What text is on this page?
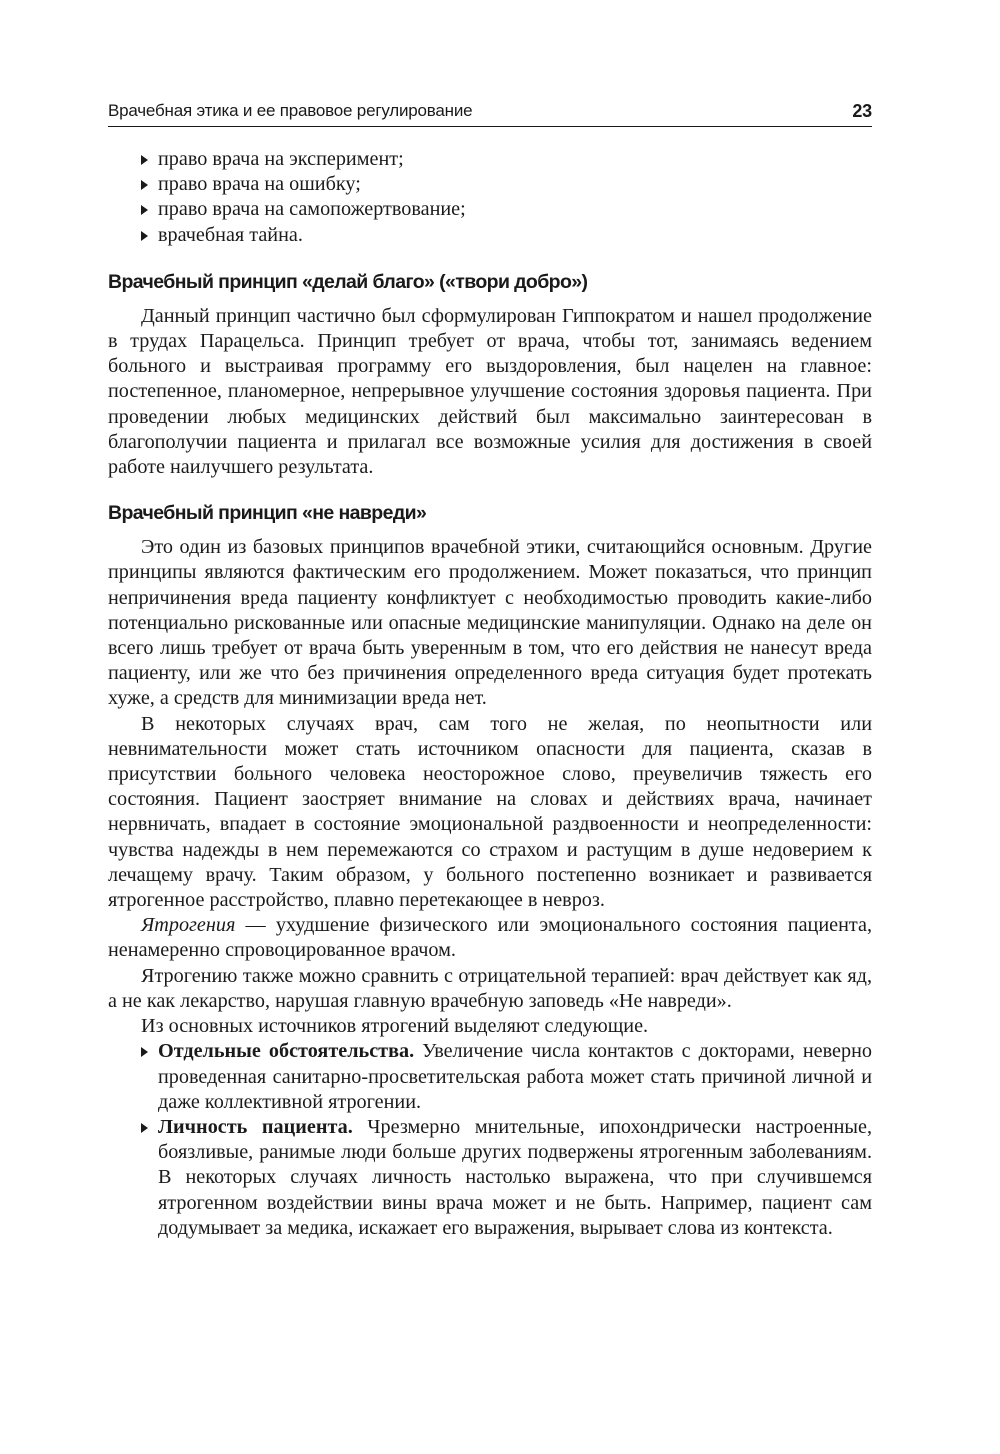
Врачебная этика и ее правовое регулирование	23
право врача на эксперимент;
право врача на ошибку;
право врача на самопожертвование;
врачебная тайна.
Врачебный принцип «делай благо» («твори добро»)

Данный принцип частично был сформулирован Гиппократом и нашел продолжение в трудах Парацельса. Принцип требует от врача, чтобы тот, занимаясь ведением больного и выстраивая программу его выздоровления, был нацелен на главное: постепенное, планомерное, непрерывное улучшение состояния здоровья пациента. При проведении любых медицинских действий был максимально заинтересован в благополучии пациента и прилагал все возможные усилия для достижения в своей работе наилучшего результата.

Врачебный принцип «не навреди»

Это один из базовых принципов врачебной этики, считающийся основным. Другие принципы являются фактическим его продолжением. Может показаться, что принцип непричинения вреда пациенту конфликтует с необходимостью проводить какие-либо потенциально рискованные или опасные медицинские манипуляции. Однако на деле он всего лишь требует от врача быть уверенным в том, что его действия не нанесут вреда пациенту, или же что без причинения определенного вреда ситуация будет протекать хуже, а средств для минимизации вреда нет.

В некоторых случаях врач, сам того не желая, по неопытности или невнимательности может стать источником опасности для пациента, сказав в присутствии больного человека неосторожное слово, преувеличив тяжесть его состояния. Пациент заостряет внимание на словах и действиях врача, начинает нервничать, впадает в состояние эмоциональной раздвоенности и неопределенности: чувства надежды в нем перемежаются со страхом и растущим в душе недоверием к лечащему врачу. Таким образом, у больного постепенно возникает и развивается ятрогенное расстройство, плавно перетекающее в невроз.

Ятрогения — ухудшение физического или эмоционального состояния пациента, ненамеренно спровоцированное врачом.

Ятрогению также можно сравнить с отрицательной терапией: врач действует как яд, а не как лекарство, нарушая главную врачебную заповедь «Не навреди».

Из основных источников ятрогений выделяют следующие.

Отдельные обстоятельства. Увеличение числа контактов с докторами, неверно проведенная санитарно-просветительская работа может стать причиной личной и даже коллективной ятрогении.
Личность пациента. Чрезмерно мнительные, ипохондрически настроенные, боязливые, ранимые люди больше других подвержены ятрогенным заболеваниям. В некоторых случаях личность настолько выражена, что при случившемся ятрогенном воздействии вины врача может и не быть. Например, пациент сам додумывает за медика, искажает его выражения, вырывает слова из контекста.
